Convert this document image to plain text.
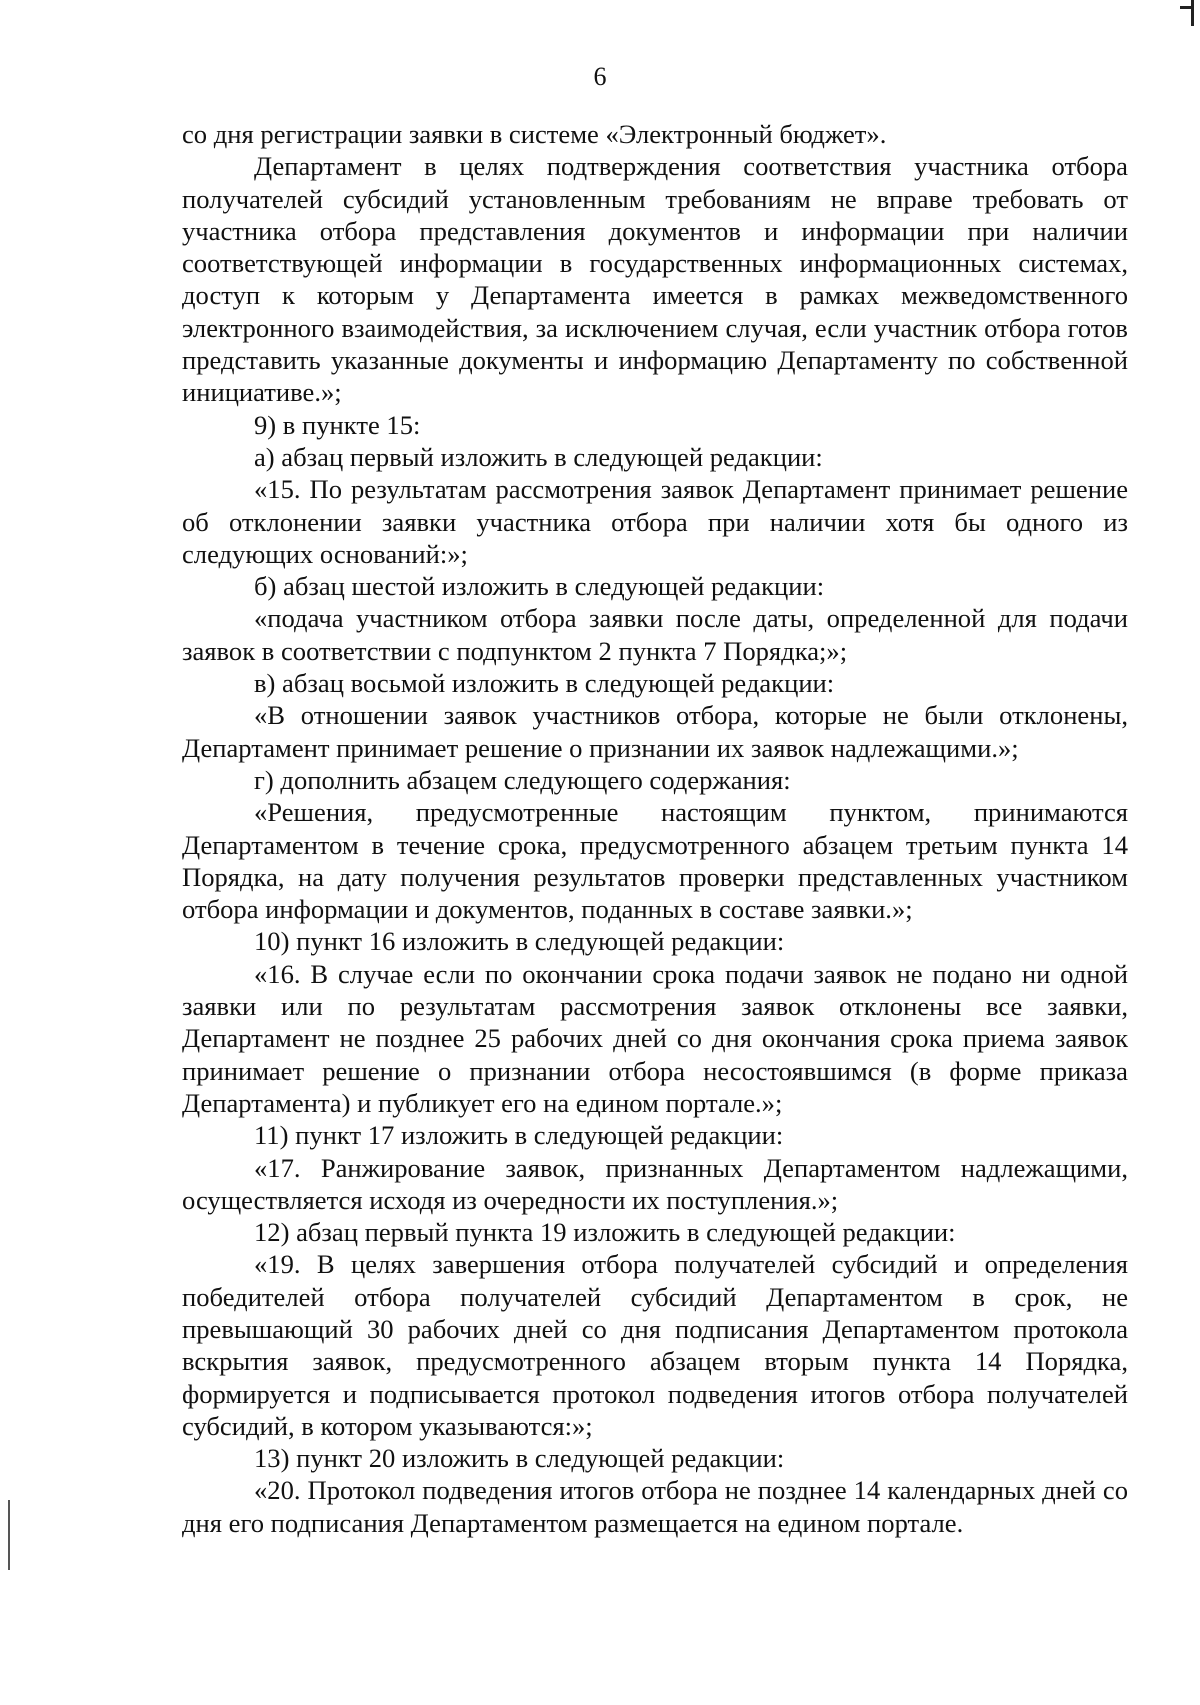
6

со дня регистрации заявки в системе «Электронный бюджет».

Департамент в целях подтверждения соответствия участника отбора получателей субсидий установленным требованиям не вправе требовать от участника отбора представления документов и информации при наличии соответствующей информации в государственных информационных системах, доступ к которым у Департамента имеется в рамках межведомственного электронного взаимодействия, за исключением случая, если участник отбора готов представить указанные документы и информацию Департаменту по собственной инициативе.»;

9) в пункте 15:

а) абзац первый изложить в следующей редакции:

«15. По результатам рассмотрения заявок Департамент принимает решение об отклонении заявки участника отбора при наличии хотя бы одного из следующих оснований:»;

б) абзац шестой изложить в следующей редакции:

«подача участником отбора заявки после даты, определенной для подачи заявок в соответствии с подпунктом 2 пункта 7 Порядка;»;

в) абзац восьмой изложить в следующей редакции:

«В отношении заявок участников отбора, которые не были отклонены, Департамент принимает решение о признании их заявок надлежащими.»;

г) дополнить абзацем следующего содержания:

«Решения, предусмотренные настоящим пунктом, принимаются Департаментом в течение срока, предусмотренного абзацем третьим пункта 14 Порядка, на дату получения результатов проверки представленных участником отбора информации и документов, поданных в составе заявки.»;

10) пункт 16 изложить в следующей редакции:

«16. В случае если по окончании срока подачи заявок не подано ни одной заявки или по результатам рассмотрения заявок отклонены все заявки, Департамент не позднее 25 рабочих дней со дня окончания срока приема заявок принимает решение о признании отбора несостоявшимся (в форме приказа Департамента) и публикует его на едином портале.»;

11) пункт 17 изложить в следующей редакции:

«17. Ранжирование заявок, признанных Департаментом надлежащими, осуществляется исходя из очередности их поступления.»;

12) абзац первый пункта 19 изложить в следующей редакции:

«19. В целях завершения отбора получателей субсидий и определения победителей отбора получателей субсидий Департаментом в срок, не превышающий 30 рабочих дней со дня подписания Департаментом протокола вскрытия заявок, предусмотренного абзацем вторым пункта 14 Порядка, формируется и подписывается протокол подведения итогов отбора получателей субсидий, в котором указываются:»;

13) пункт 20 изложить в следующей редакции:

«20. Протокол подведения итогов отбора не позднее 14 календарных дней со дня его подписания Департаментом размещается на едином портале.
